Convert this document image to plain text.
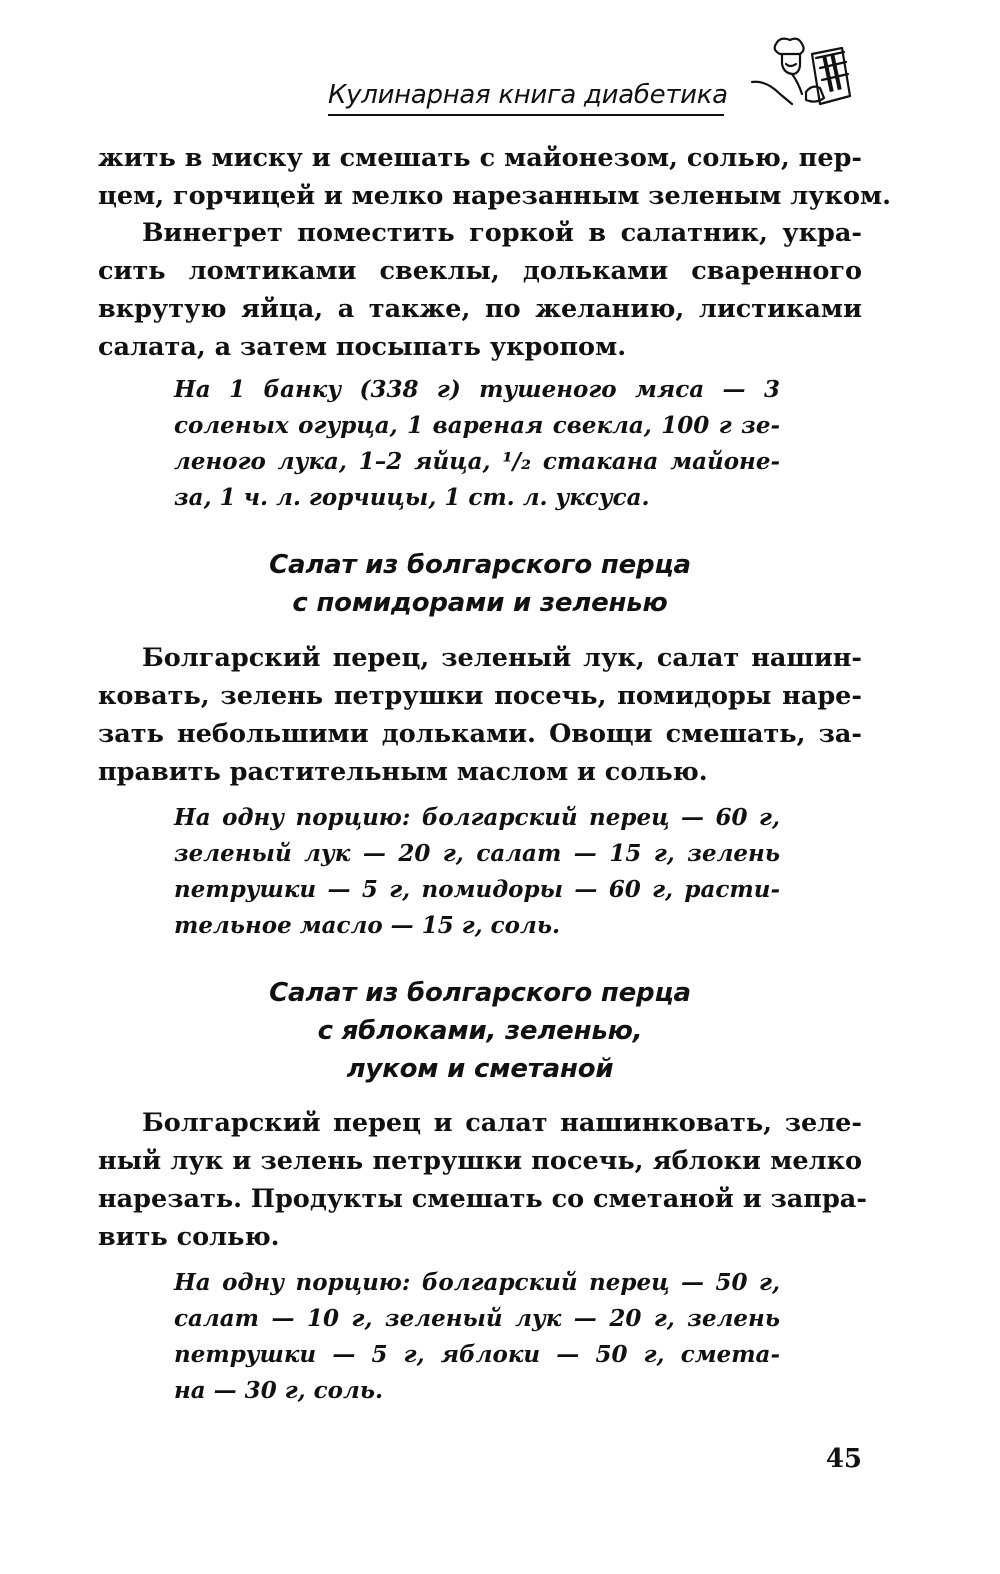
Кулинарная книга диабетика

жить в миску и смешать с майонезом, солью, пер-
цем, горчицей и мелко нарезанным зеленым луком.

Винегрет поместить горкой в салатник, укра-
сить ломтиками свеклы, дольками сваренного
вкрутую яйца, а также, по желанию, листиками
салата, а затем посыпать укропом.

На 1 банку (338 г) тушеного мяса — 3
соленых огурца, 1 вареная свекла, 100 г зе-
леного лука, 1–2 яйца, ¹/₂ стакана майоне-
за, 1 ч. л. горчицы, 1 ст. л. уксуса.

Салат из болгарского перца
с помидорами и зеленью

Болгарский перец, зеленый лук, салат нашин-
ковать, зелень петрушки посечь, помидоры наре-
зать небольшими дольками. Овощи смешать, за-
править растительным маслом и солью.

На одну порцию: болгарский перец — 60 г,
зеленый лук — 20 г, салат — 15 г, зелень
петрушки — 5 г, помидоры — 60 г, расти-
тельное масло — 15 г, соль.

Салат из болгарского перца
с яблоками, зеленью,
луком и сметаной

Болгарский перец и салат нашинковать, зеле-
ный лук и зелень петрушки посечь, яблоки мелко
нарезать. Продукты смешать со сметаной и запра-
вить солью.

На одну порцию: болгарский перец — 50 г,
салат — 10 г, зеленый лук — 20 г, зелень
петрушки — 5 г, яблоки — 50 г, смета-
на — 30 г, соль.

45
